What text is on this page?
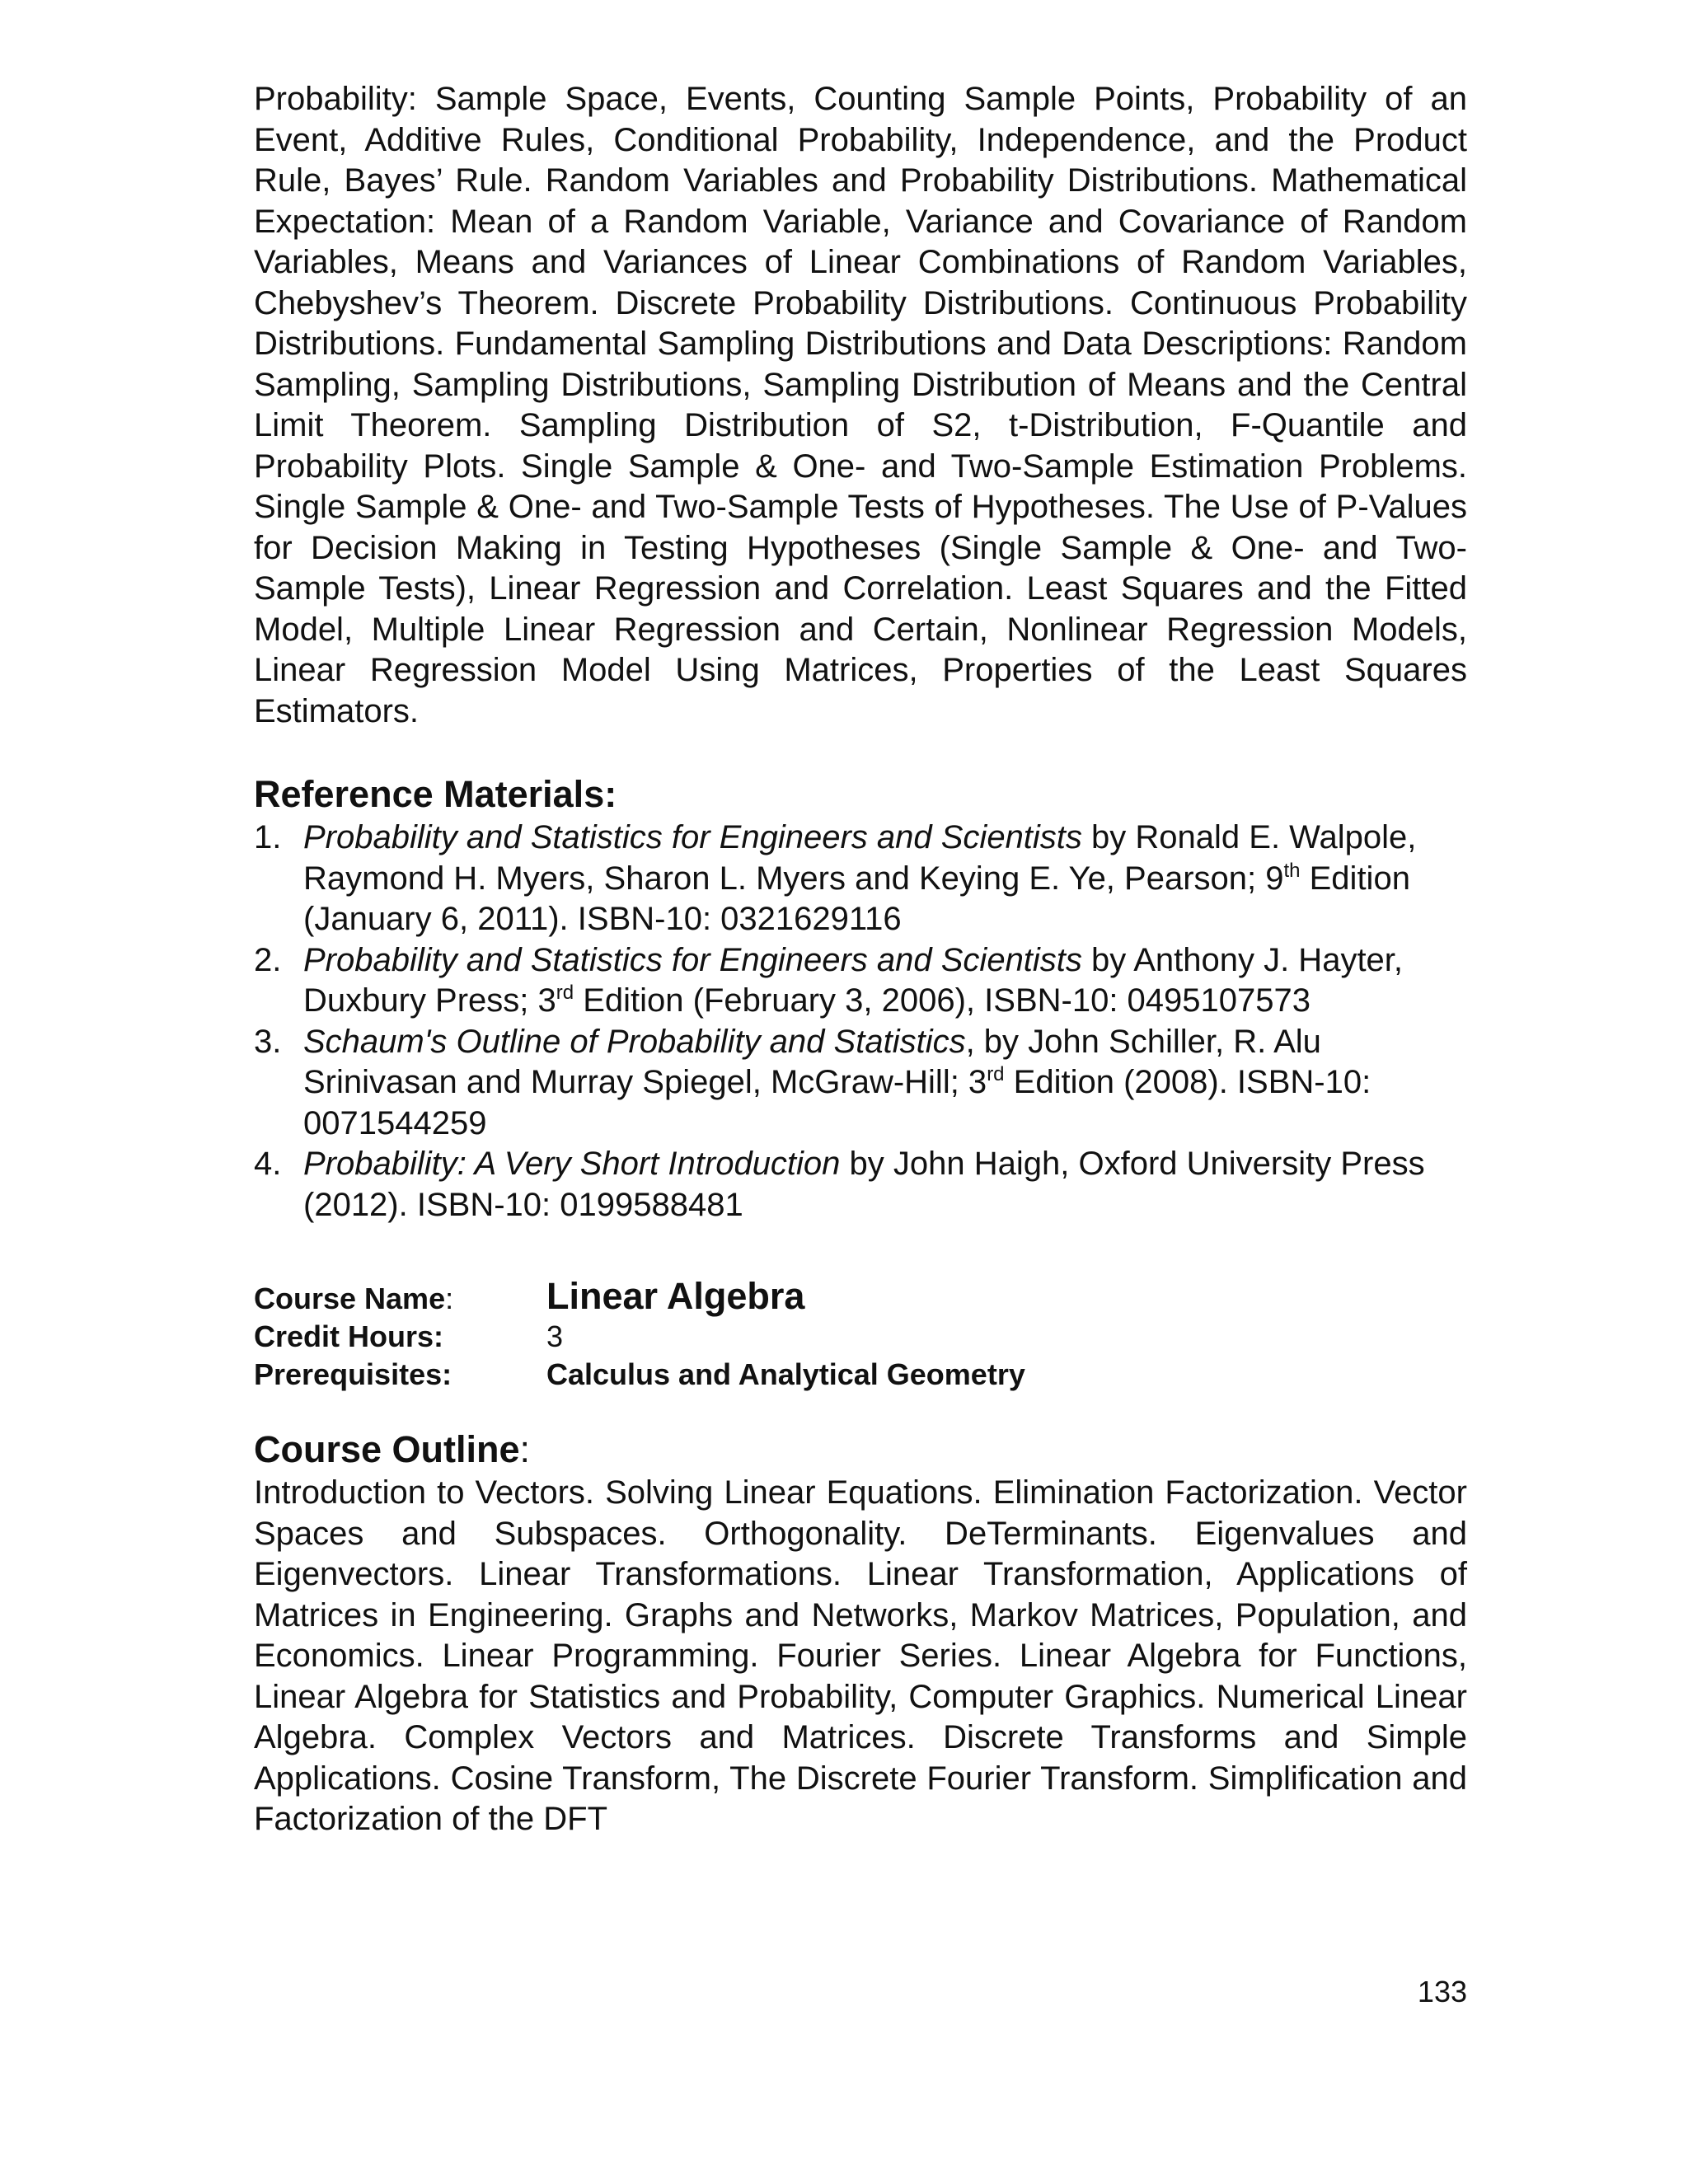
Probability: Sample Space, Events, Counting Sample Points, Probability of an Event, Additive Rules, Conditional Probability, Independence, and the Product Rule, Bayes’ Rule. Random Variables and Probability Distributions. Mathematical Expectation: Mean of a Random Variable, Variance and Covariance of Random Variables, Means and Variances of Linear Combinations of Random Variables, Chebyshev’s Theorem. Discrete Probability Distributions. Continuous Probability Distributions. Fundamental Sampling Distributions and Data Descriptions: Random Sampling, Sampling Distributions, Sampling Distribution of Means and the Central Limit Theorem. Sampling Distribution of S2, t-Distribution, F-Quantile and Probability Plots. Single Sample & One- and Two-Sample Estimation Problems. Single Sample & One- and Two-Sample Tests of Hypotheses. The Use of P-Values for Decision Making in Testing Hypotheses (Single Sample & One- and Two-Sample Tests), Linear Regression and Correlation. Least Squares and the Fitted Model, Multiple Linear Regression and Certain, Nonlinear Regression Models, Linear Regression Model Using Matrices, Properties of the Least Squares Estimators.

Reference Materials:
1. Probability and Statistics for Engineers and Scientists by Ronald E. Walpole, Raymond H. Myers, Sharon L. Myers and Keying E. Ye, Pearson; 9th Edition (January 6, 2011). ISBN-10: 0321629116
2. Probability and Statistics for Engineers and Scientists by Anthony J. Hayter, Duxbury Press; 3rd Edition (February 3, 2006), ISBN-10: 0495107573
3. Schaum's Outline of Probability and Statistics, by John Schiller, R. Alu Srinivasan and Murray Spiegel, McGraw-Hill; 3rd Edition (2008). ISBN-10: 0071544259
4. Probability: A Very Short Introduction by John Haigh, Oxford University Press (2012). ISBN-10: 0199588481
Course Name:	Linear Algebra
Credit Hours:	3
Prerequisites:	Calculus and Analytical Geometry
Course Outline:

Introduction to Vectors. Solving Linear Equations. Elimination Factorization. Vector Spaces and Subspaces. Orthogonality. DeTerminants. Eigenvalues and Eigenvectors. Linear Transformations. Linear Transformation, Applications of Matrices in Engineering. Graphs and Networks, Markov Matrices, Population, and Economics. Linear Programming. Fourier Series. Linear Algebra for Functions, Linear Algebra for Statistics and Probability, Computer Graphics. Numerical Linear Algebra. Complex Vectors and Matrices. Discrete Transforms and Simple Applications. Cosine Transform, The Discrete Fourier Transform. Simplification and Factorization of the DFT

133
